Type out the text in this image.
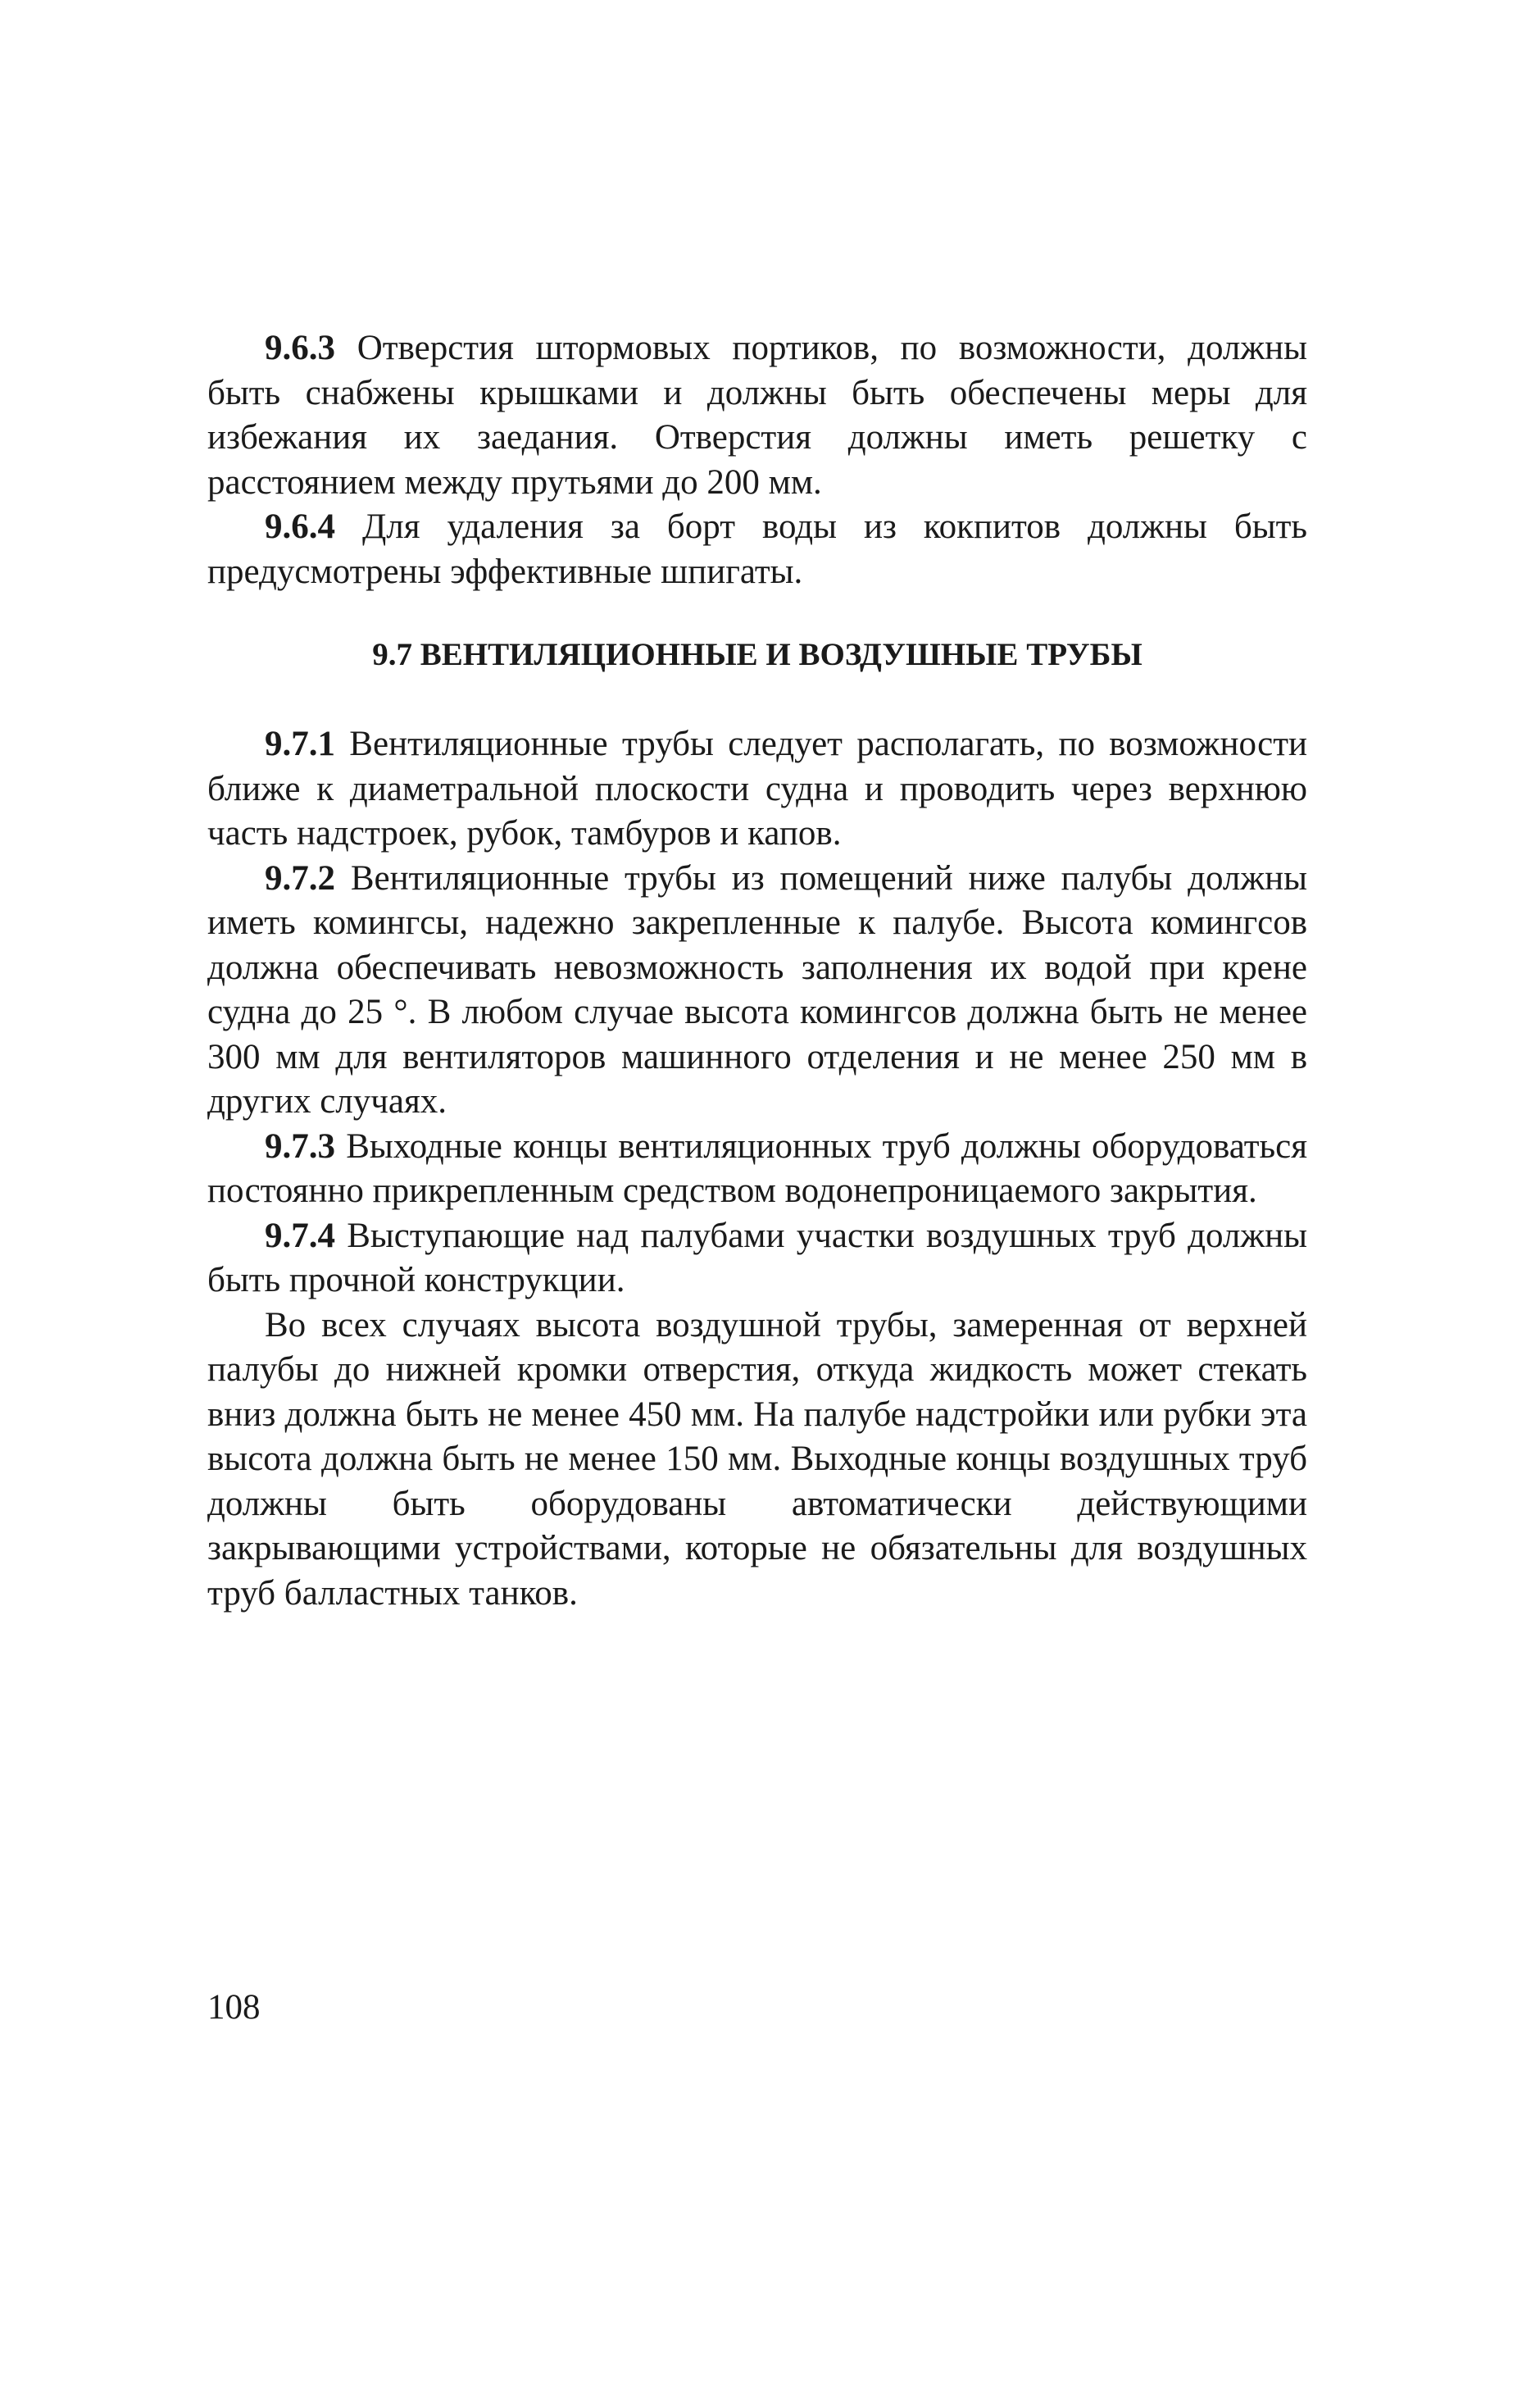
9.6.3 Отверстия штормовых портиков, по возможности, должны быть снабжены крышками и должны быть обеспечены меры для избежания их заедания. Отверстия должны иметь решетку с расстоянием между прутьями до 200 мм.

9.6.4 Для удаления за борт воды из кокпитов должны быть предусмотрены эффективные шпигаты.

9.7 ВЕНТИЛЯЦИОННЫЕ И ВОЗДУШНЫЕ ТРУБЫ

9.7.1 Вентиляционные трубы следует располагать, по возможности ближе к диаметральной плоскости судна и проводить через верхнюю часть надстроек, рубок, тамбуров и капов.

9.7.2 Вентиляционные трубы из помещений ниже палубы должны иметь комингсы, надежно закрепленные к палубе. Высота комингсов должна обеспечивать невозможность заполнения их водой при крене судна до 25 °. В любом случае высота комингсов должна быть не менее 300 мм для вентиляторов машинного отделения и не менее 250 мм в других случаях.

9.7.3 Выходные концы вентиляционных труб должны оборудоваться постоянно прикрепленным средством водонепроницаемого закрытия.

9.7.4 Выступающие над палубами участки воздушных труб должны быть прочной конструкции.

Во всех случаях высота воздушной трубы, замеренная от верхней палубы до нижней кромки отверстия, откуда жидкость может стекать вниз должна быть не менее 450 мм. На палубе надстройки или рубки эта высота должна быть не менее 150 мм. Выходные концы воздушных труб должны быть оборудованы автоматически действующими закрывающими устройствами, которые не обязательны для воздушных труб балластных танков.

108
